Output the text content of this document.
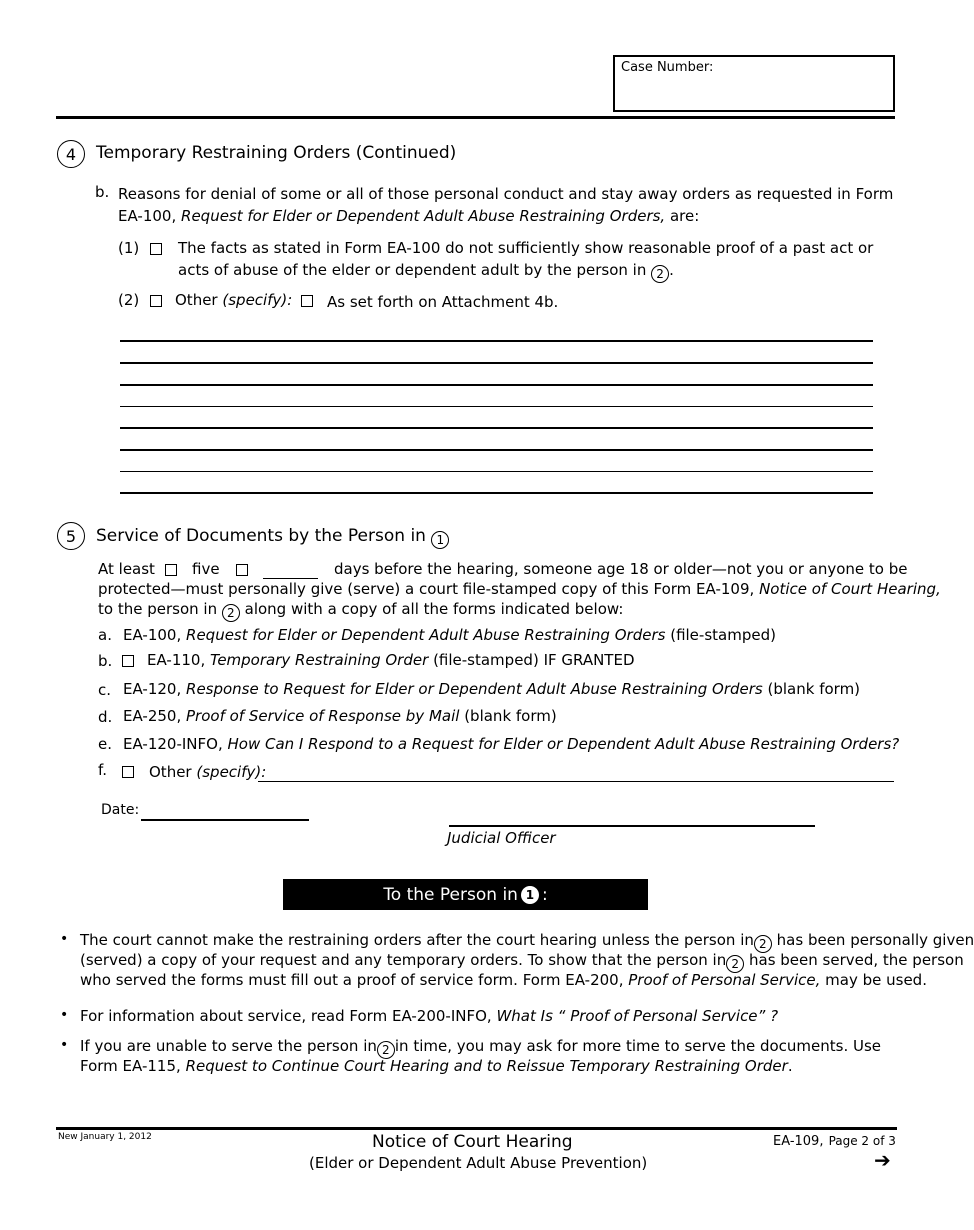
Case Number:
4 Temporary Restraining Orders (Continued)
b. Reasons for denial of some or all of those personal conduct and stay away orders as requested in Form
EA-100, Request for Elder or Dependent Adult Abuse Restraining Orders, are:
(1)	The facts as stated in Form EA-100 do not sufficiently show reasonable proof of a past act or
acts of abuse of the elder or dependent adult by the person in 2 .
(2) Other (specify): As set forth on Attachment 4b.
5 Service of Documents by the Person in 1
At least five	days before the hearing, someone age 18 or older—not you or anyone to be
protected—must personally give (serve) a court file-stamped copy of this Form EA-109, Notice of Court Hearing,
to the person in 2 along with a copy of all the forms indicated below:
a. EA-100, Request for Elder or Dependent Adult Abuse Restraining Orders (file-stamped)
b. EA-110, Temporary Restraining Order (file-stamped) IF GRANTED
c. EA-120, Response to Request for Elder or Dependent Adult Abuse Restraining Orders (blank form)
d. EA-250, Proof of Service of Response by Mail (blank form)
e. EA-120-INFO, How Can I Respond to a Request for Elder or Dependent Adult Abuse Restraining Orders?
f.	Other (specify):
Date:
Judicial Officer
To the Person in 1 :
• The court cannot make the restraining orders after the court hearing unless the person in 2 has been personally given
(served) a copy of your request and any temporary orders. To show that the person in 2 has been served, the person
who served the forms must fill out a proof of service form. Form EA-200, Proof of Personal Service, may be used.
• For information about service, read Form EA-200-INFO, What Is “ Proof of Personal Service” ?
• If you are unable to serve the person in 2 in time, you may ask for more time to serve the documents. Use
Form EA-115, Request to Continue Court Hearing and to Reissue Temporary Restraining Order.
New January 1, 2012	Notice of Court Hearing
(Elder or Dependent Adult Abuse Prevention)
EA-109, Page 2 of 3
➔
